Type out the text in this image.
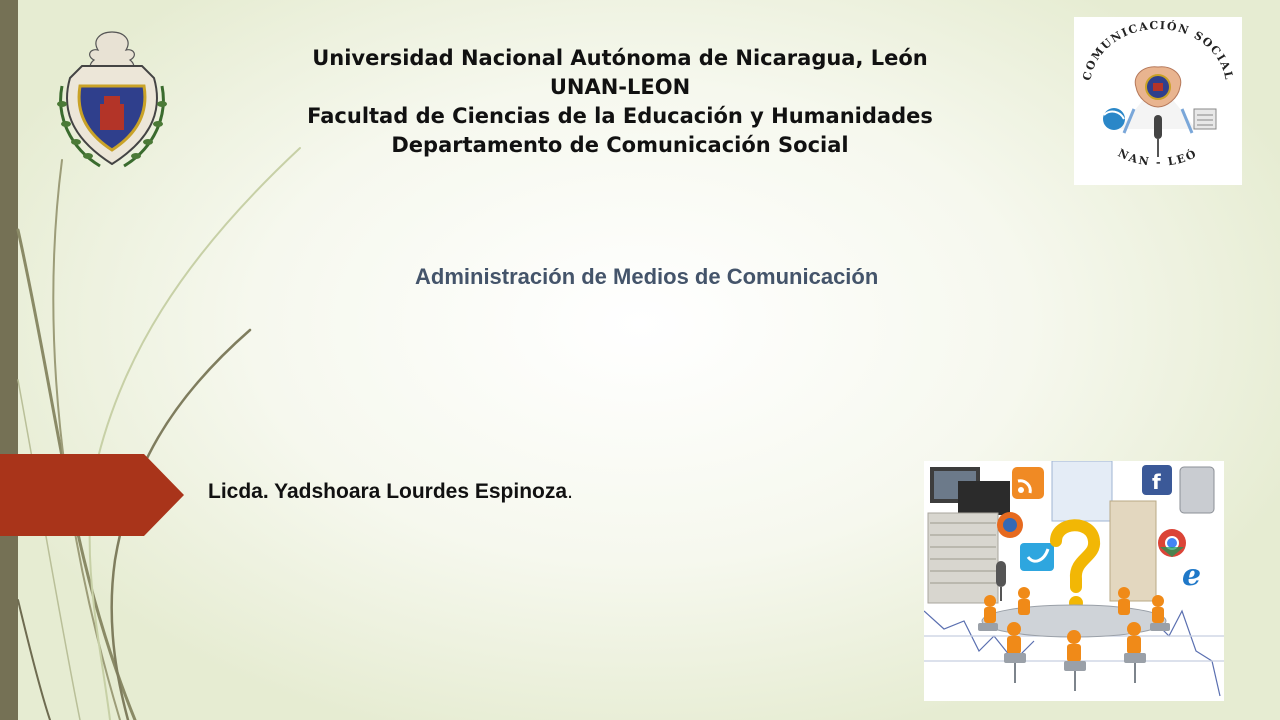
Universidad Nacional Autónoma de Nicaragua, León
UNAN-LEON
Facultad de Ciencias de la Educación y Humanidades
Departamento de Comunicación Social
COMUNICACIÓN SOCIAL
NAN - LEÓ
Administración de Medios de Comunicación
Licda. Yadshoara Lourdes Espinoza.	f
e
